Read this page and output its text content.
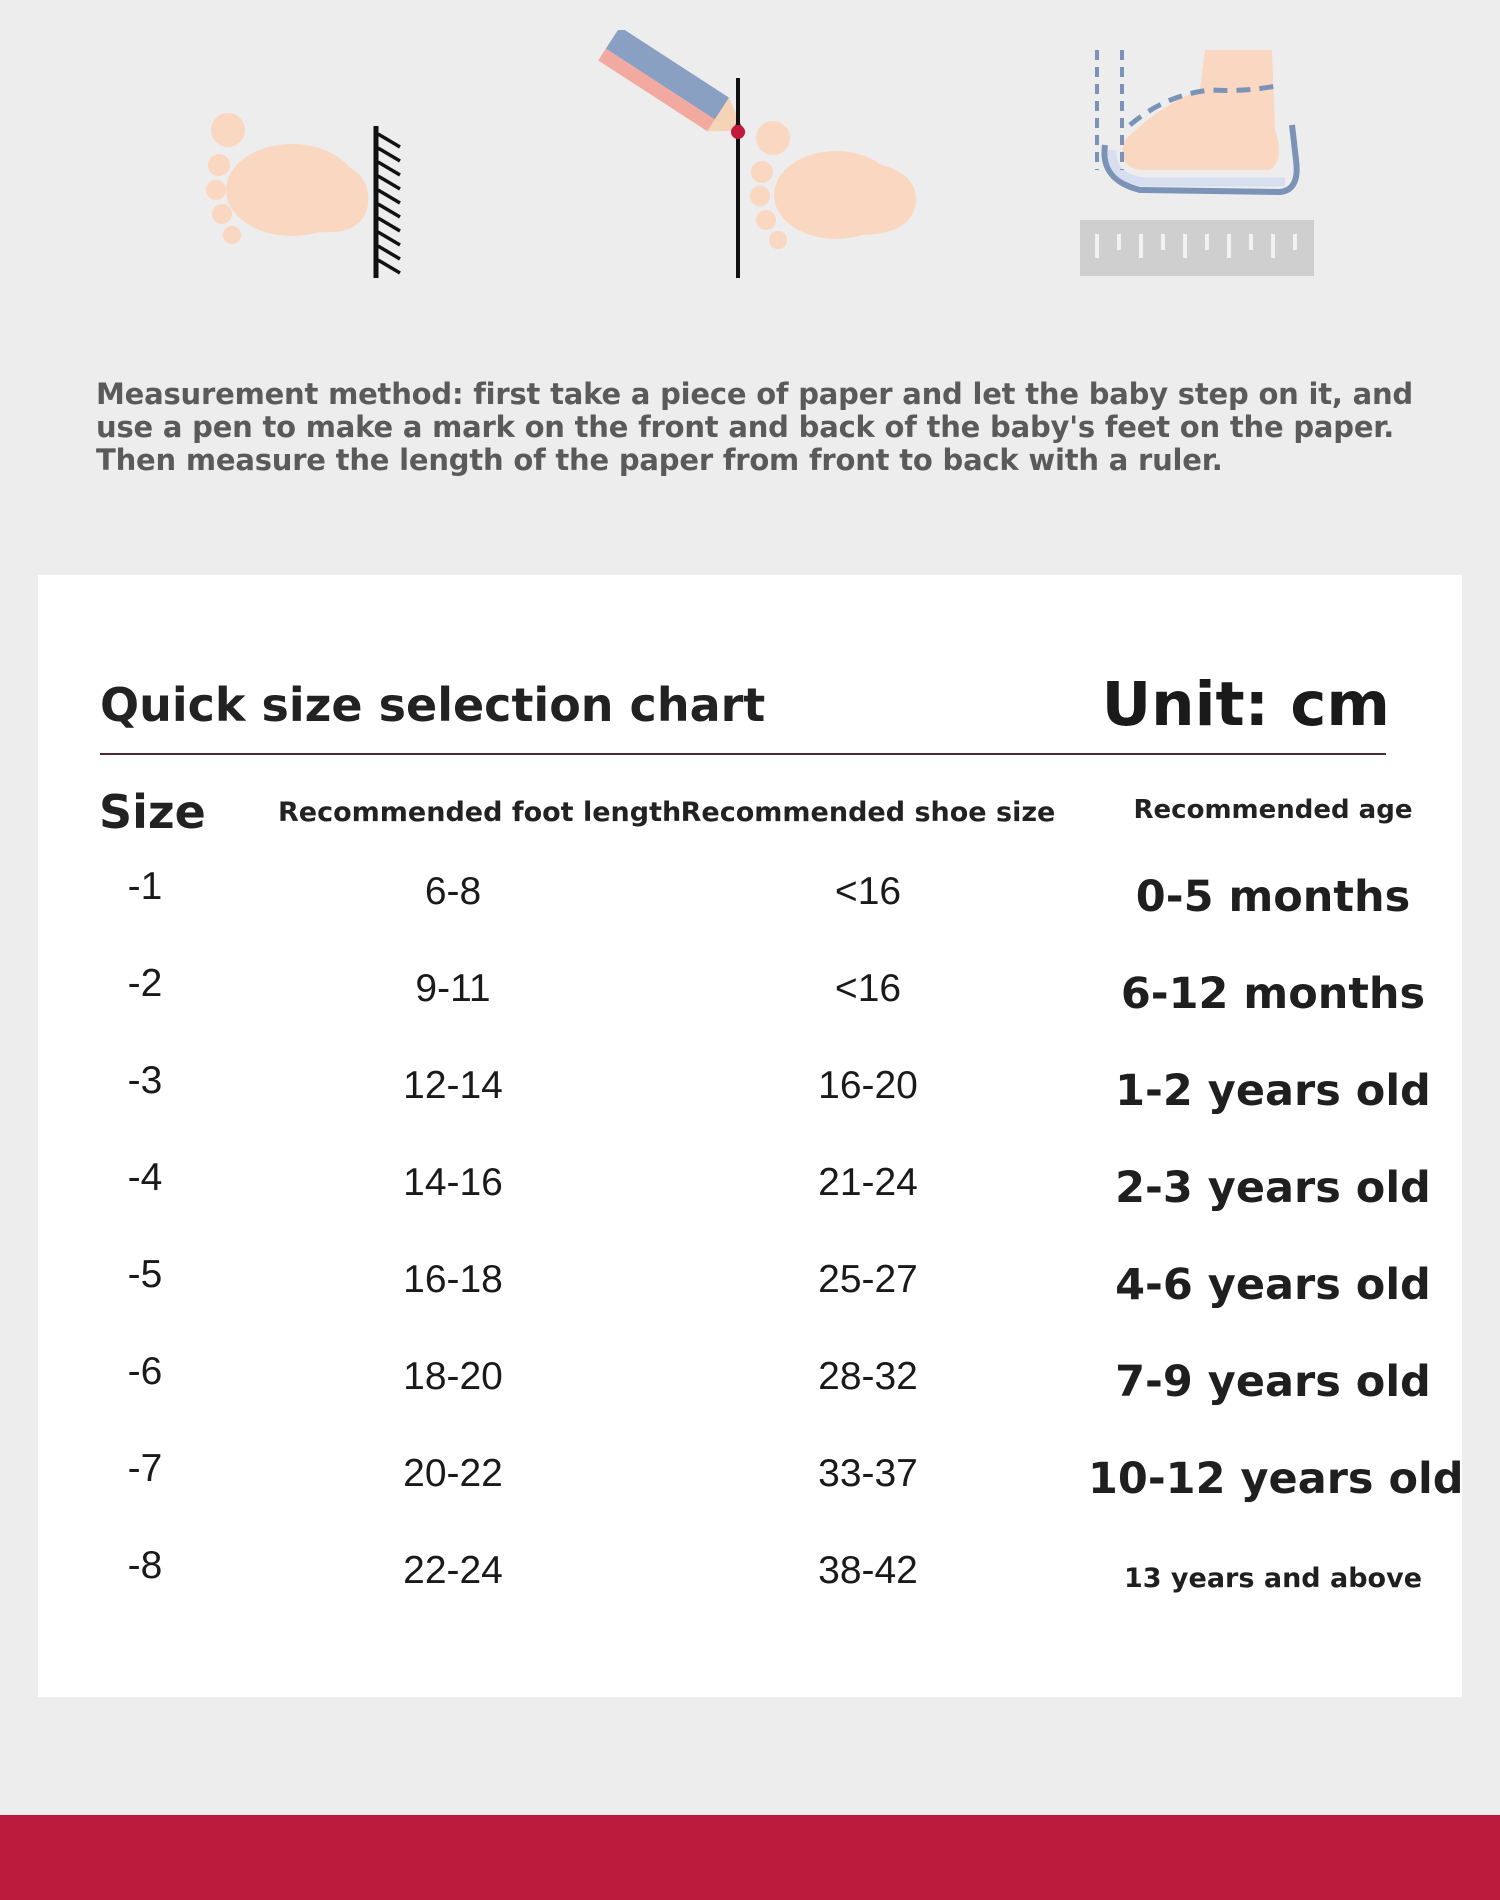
Measurement method: first take a piece of paper and let the baby step on it, and

use a pen to make a mark on the front and back of the baby's feet on the paper.

Then measure the length of the paper from front to back with a ruler.

Quick size selection chart	Unit: cm
Size	Recommended foot length Recommended shoe size	Recommended age
-1	6-8	<16	0-5 months
-2	9-11	<16	6-12 months
-3	12-14	16-20	1-2 years old
-4	14-16	21-24	2-3 years old
-5	16-18	25-27	4-6 years old
-6	18-20	28-32	7-9 years old
-7	20-22	33-37	10-12 years old
-8	22-24	38-42	13 years and above
